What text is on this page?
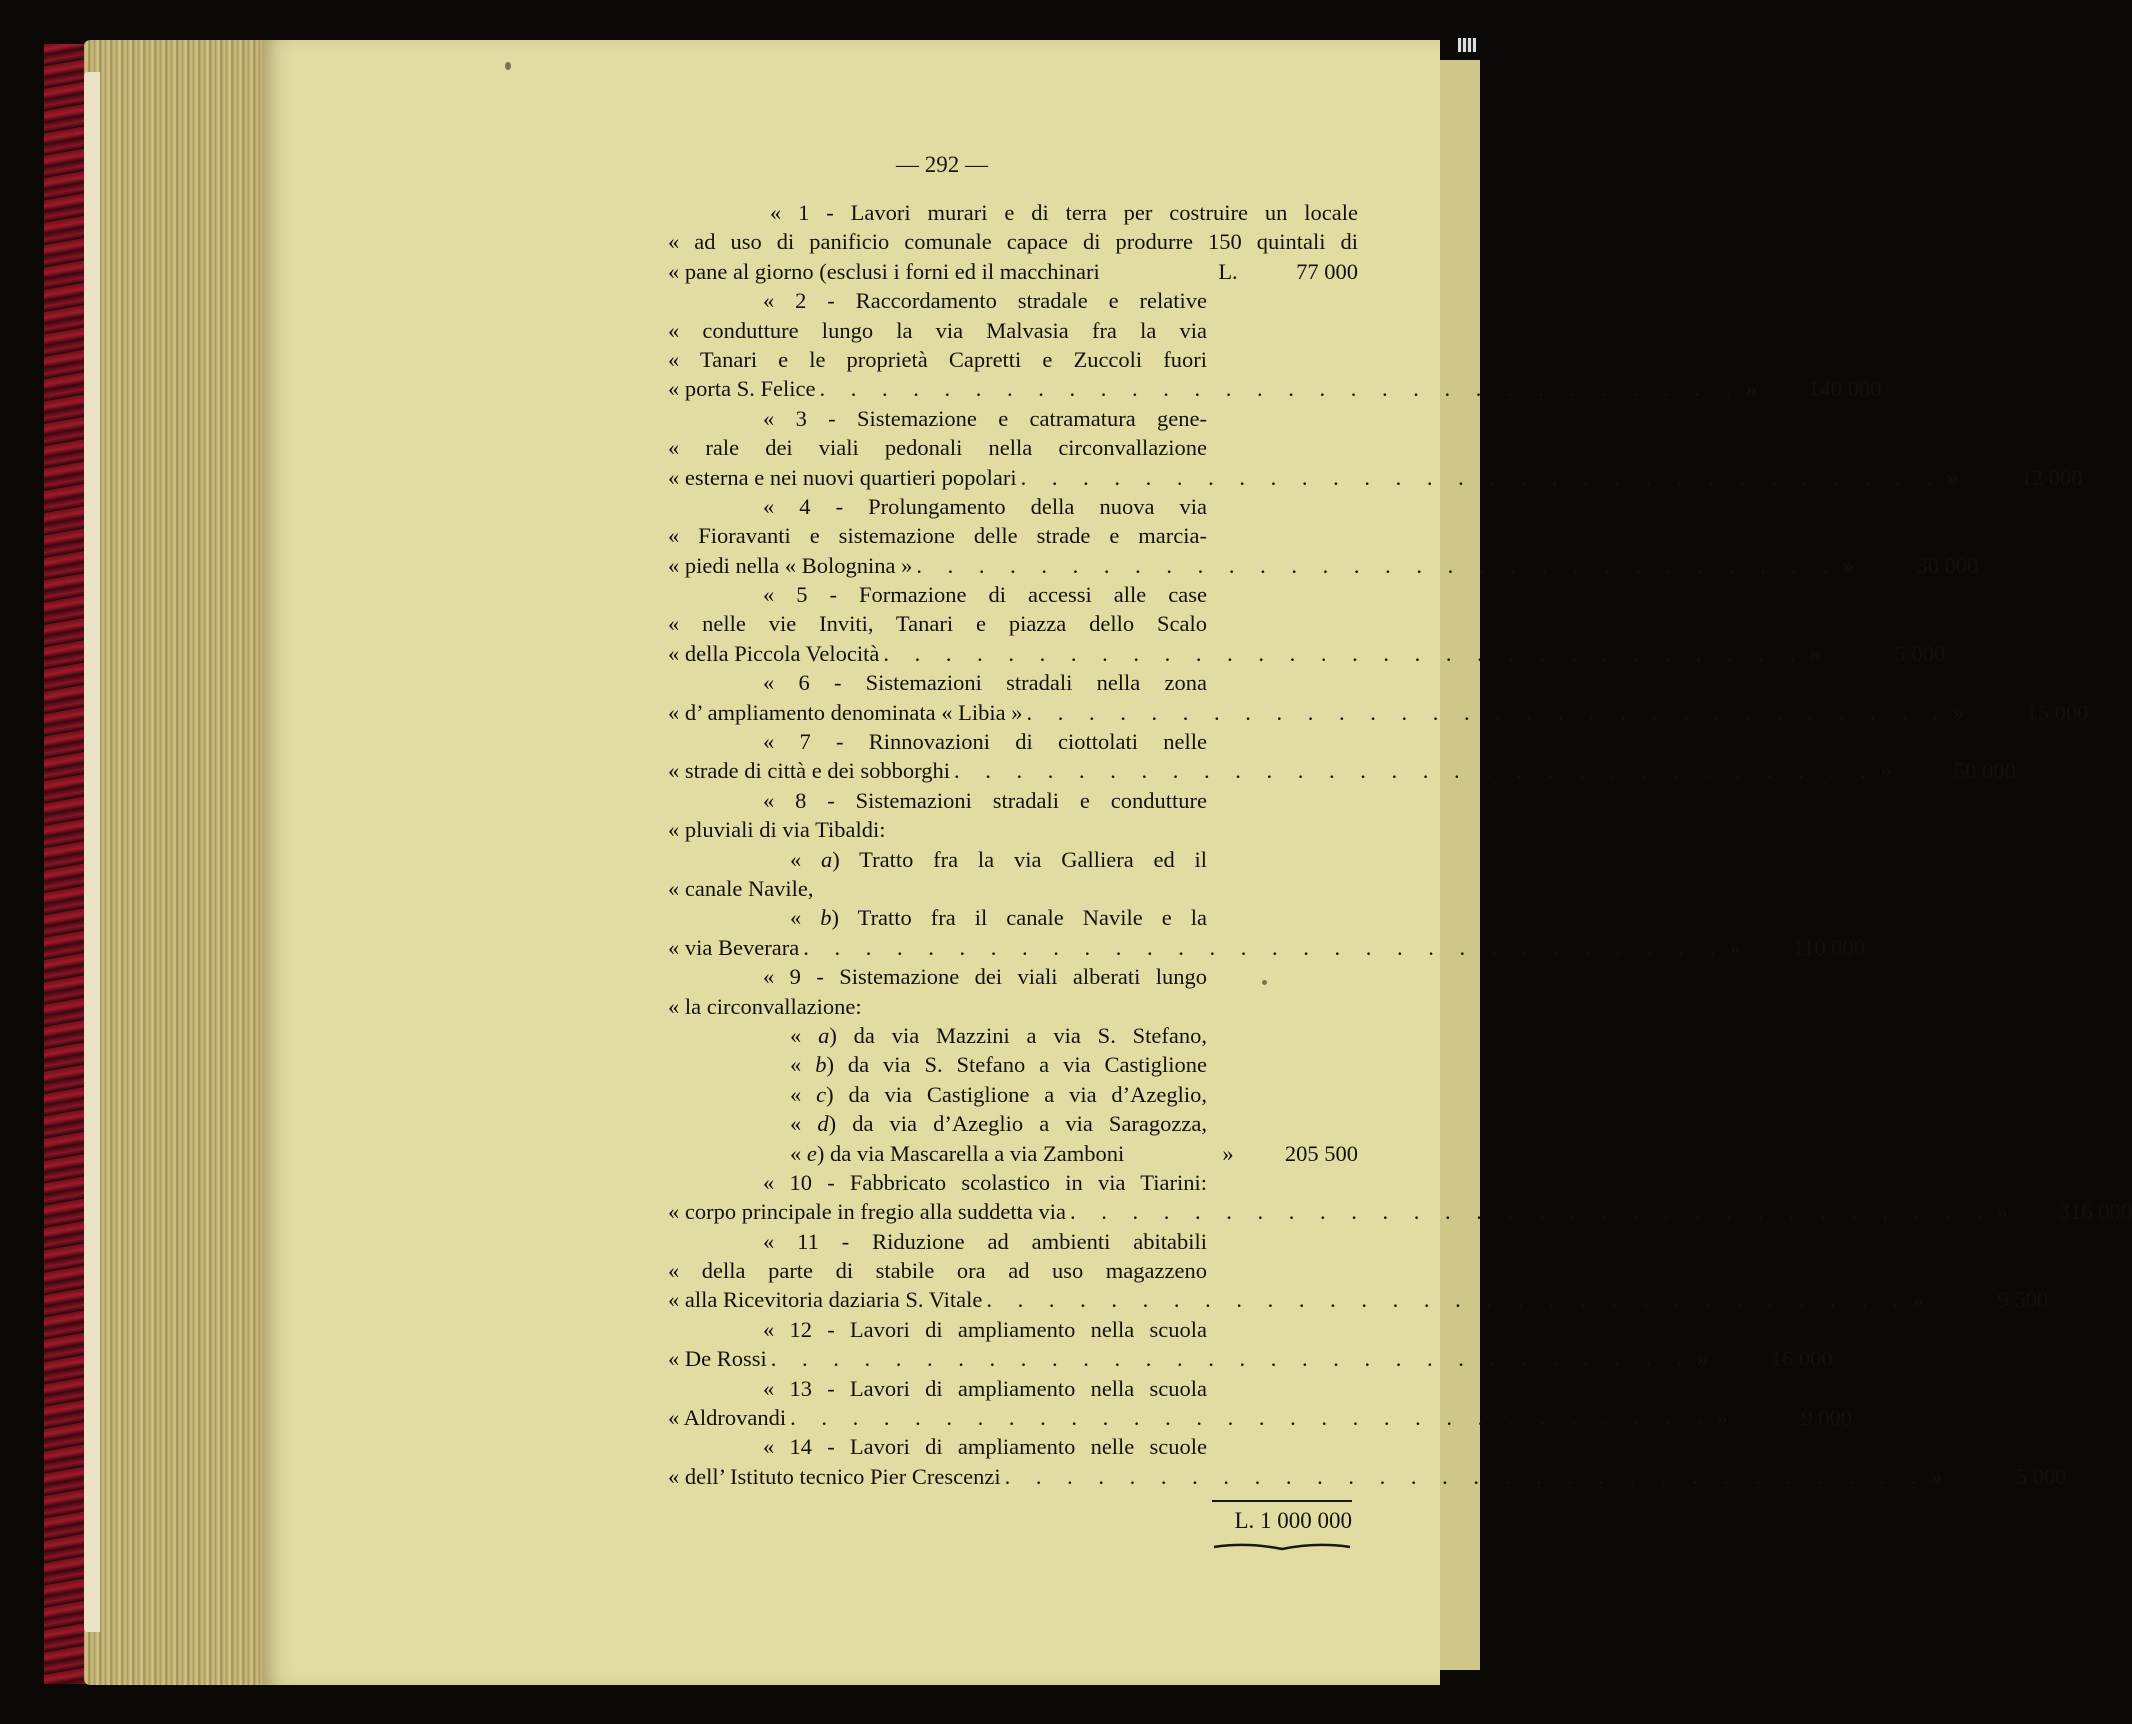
— 292 —
« 1 - Lavori murari e di terra per costruire un locale
« ad uso di panificio comunale capace di produrre 150 quintali di
« pane al giorno (esclusi i forni ed il macchinari	L.	77 000
« 2 - Raccordamento stradale e relative
« condutture lungo la via Malvasia fra la via
« Tanari e le proprietà Capretti e Zuccoli fuori
« porta S. Felice . . . . . . . . . . . . . . . . . . . . . . . . . . . . . . »	140 000
« 3 - Sistemazione e catramatura gene-
« rale dei viali pedonali nella circonvallazione
« esterna e nei nuovi quartieri popolari . . . . . . . . . . . . . . . . . . . . . . . . . . . . . . »	12 000
« 4 - Prolungamento della nuova via
« Fioravanti e sistemazione delle strade e marcia-
« piedi nella « Bolognina » . . . . . . . . . . . . . . . . . . . . . . . . . . . . . . »	30 000
« 5 - Formazione di accessi alle case
« nelle vie Inviti, Tanari e piazza dello Scalo
« della Piccola Velocità . . . . . . . . . . . . . . . . . . . . . . . . . . . . . . »	5 000
« 6 - Sistemazioni stradali nella zona
« d’ ampliamento denominata « Libia » . . . . . . . . . . . . . . . . . . . . . . . . . . . . . . »	15 000
« 7 - Rinnovazioni di ciottolati nelle
« strade di città e dei sobborghi . . . . . . . . . . . . . . . . . . . . . . . . . . . . . . »	50 000
« 8 - Sistemazioni stradali e condutture
« pluviali di via Tibaldi:
« a) Tratto fra la via Galliera ed il
« canale Navile,
« b) Tratto fra il canale Navile e la
« via Beverara . . . . . . . . . . . . . . . . . . . . . . . . . . . . . . »	110 000
« 9 - Sistemazione dei viali alberati lungo
« la circonvallazione:
« a) da via Mazzini a via S. Stefano,
« b) da via S. Stefano a via Castiglione
« c) da via Castiglione a via d’Azeglio,
« d) da via d’Azeglio a via Saragozza,
« e) da via Mascarella a via Zamboni	»	205 500
« 10 - Fabbricato scolastico in via Tiarini:
« corpo principale in fregio alla suddetta via . . . . . . . . . . . . . . . . . . . . . . . . . . . . . . »	316 000
« 11 - Riduzione ad ambienti abitabili
« della parte di stabile ora ad uso magazzeno
« alla Ricevitoria daziaria S. Vitale . . . . . . . . . . . . . . . . . . . . . . . . . . . . . . »	9 500
« 12 - Lavori di ampliamento nella scuola
« De Rossi . . . . . . . . . . . . . . . . . . . . . . . . . . . . . . »	16 000
« 13 - Lavori di ampliamento nella scuola
« Aldrovandi . . . . . . . . . . . . . . . . . . . . . . . . . . . . . . »	9 000
« 14 - Lavori di ampliamento nelle scuole
« dell’ Istituto tecnico Pier Crescenzi . . . . . . . . . . . . . . . . . . . . . . . . . . . . . . »	5 000
L. 1 000 000
